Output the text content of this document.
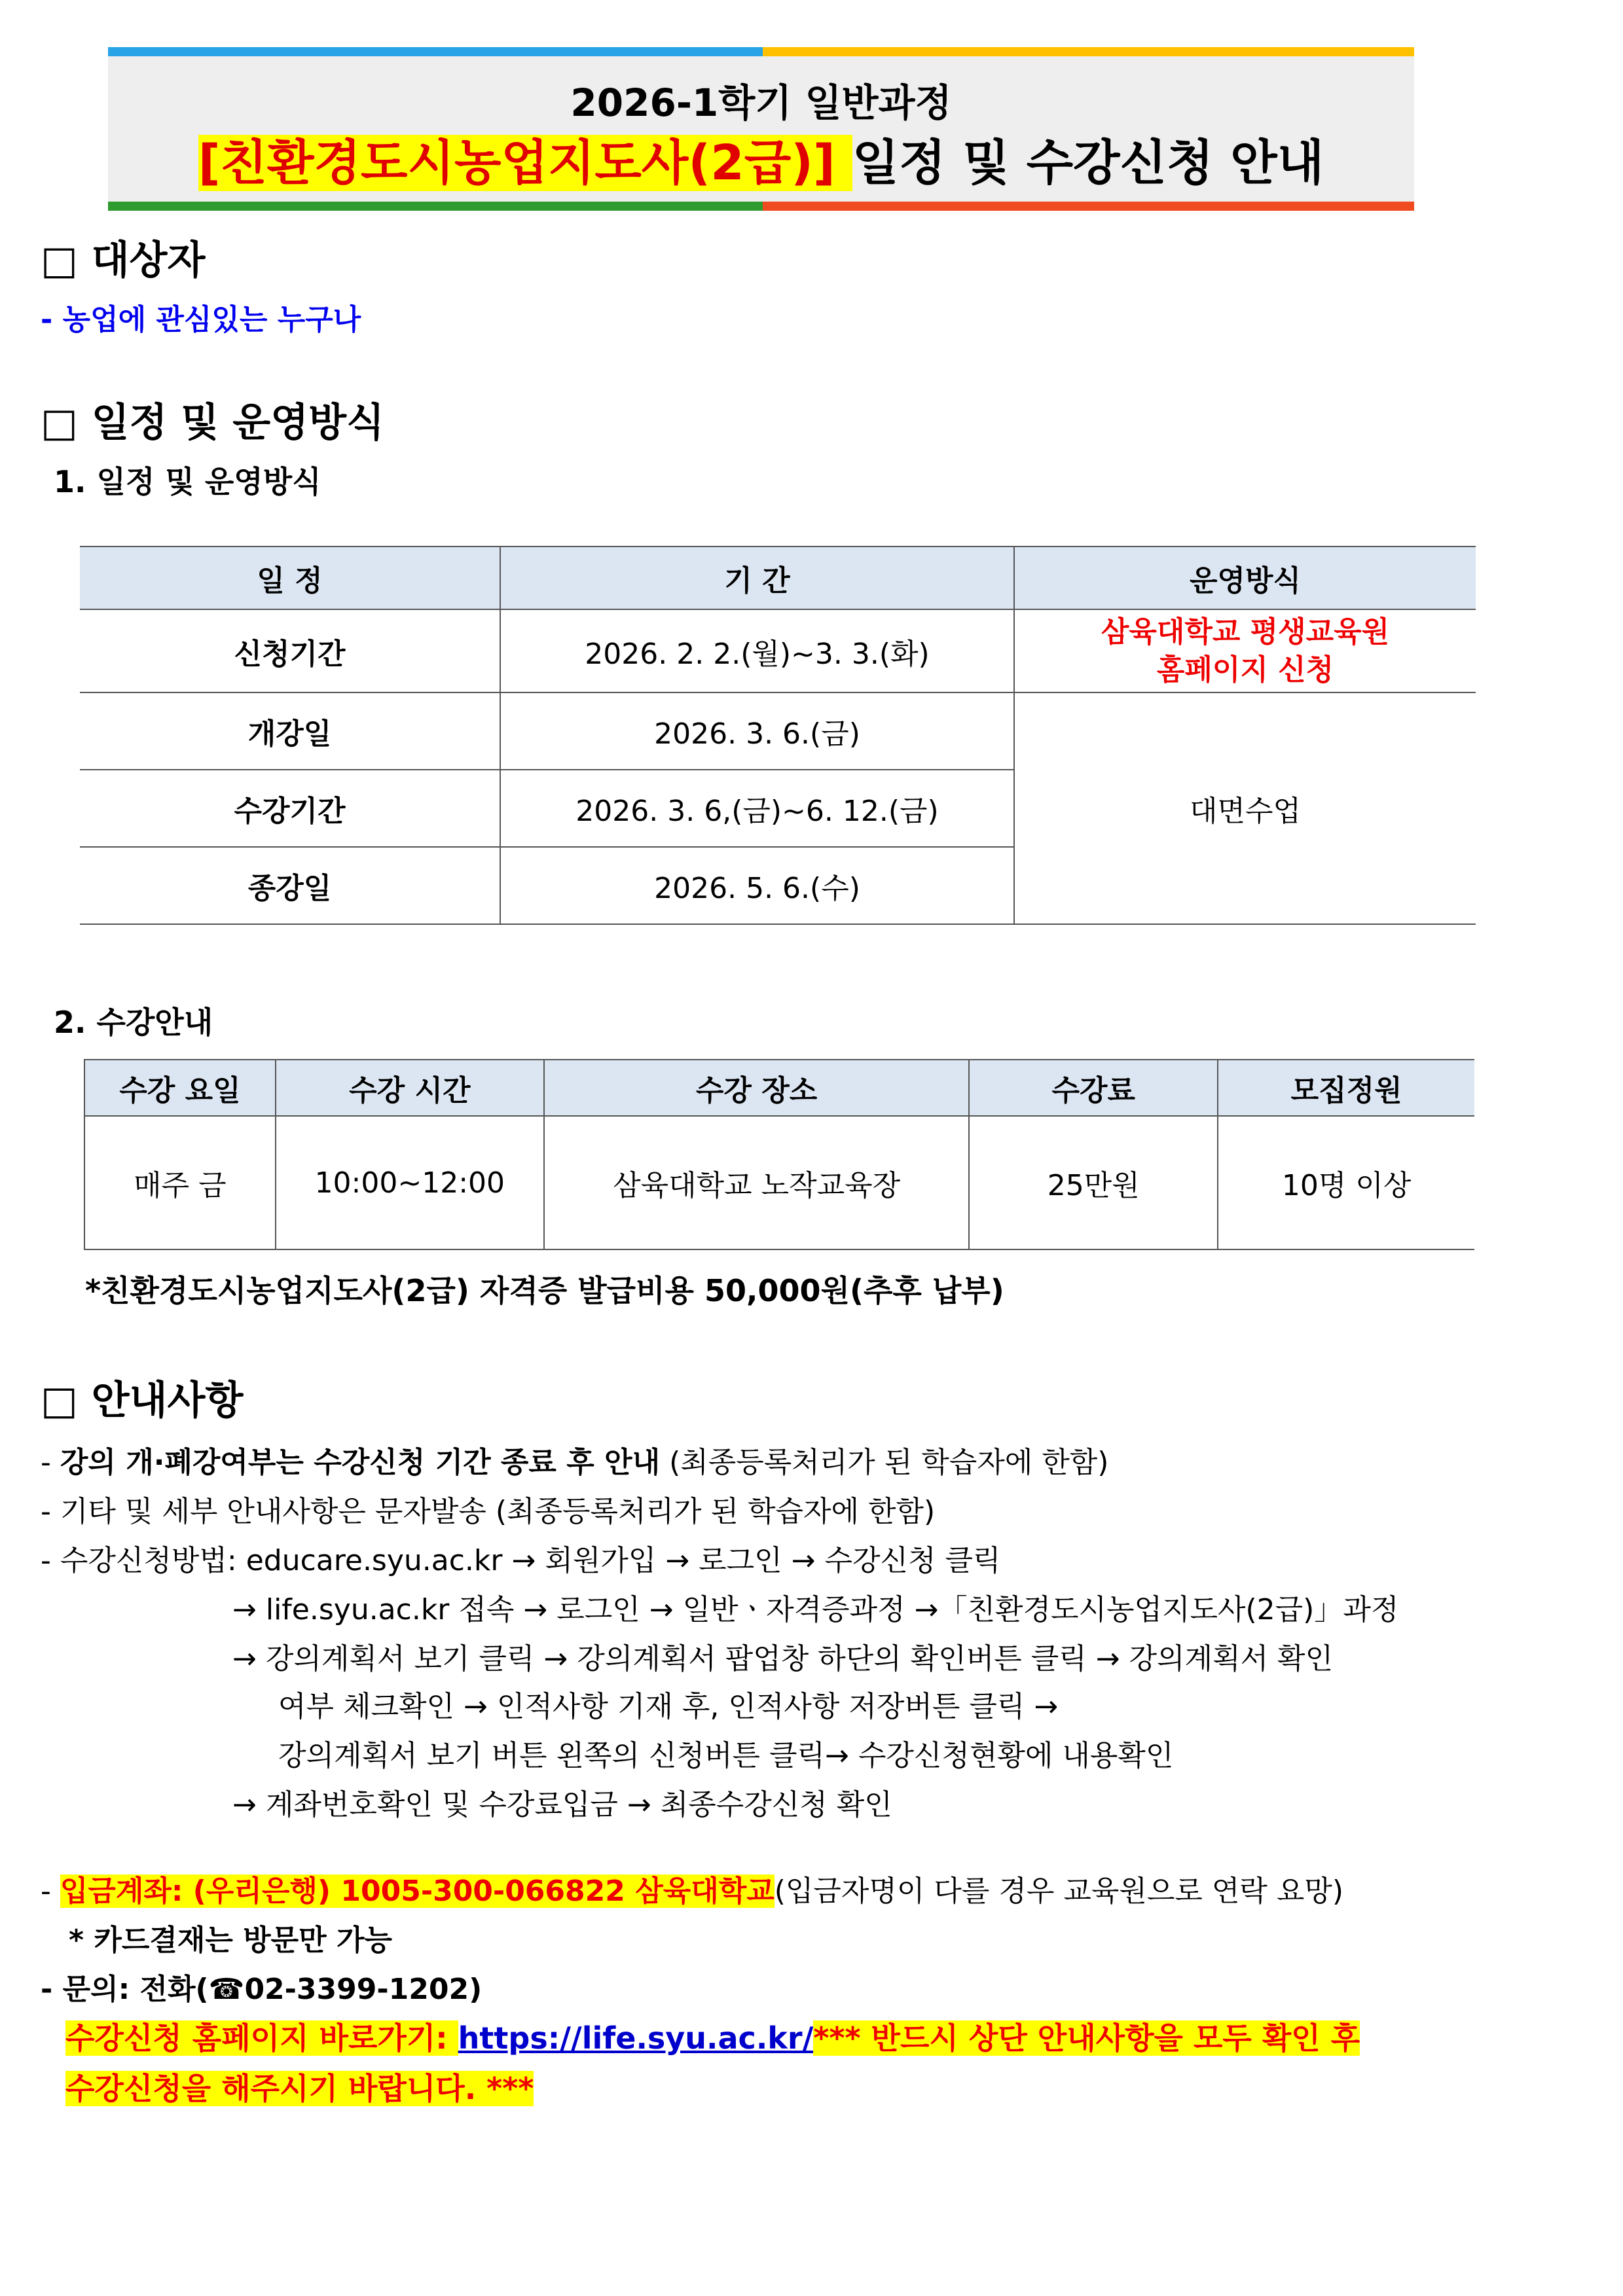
2026-1학기 일반과정
[친환경도시농업지도사(2급)] 일정 및 수강신청 안내
□ 대상자
- 농업에 관심있는 누구나
□ 일정 및 운영방식
1. 일정 및 운영방식
일 정	기 간	운영방식
신청기간	2026. 2. 2.(월)~3. 3.(화)	삼육대학교 평생교육원
홈페이지 신청

개강일	2026. 3. 6.(금)	대면수업
수강기간	2026. 3. 6,(금)~6. 12.(금)	
종강일	2026. 5. 6.(수)	
2. 수강안내
수강 요일	수강 시간	수강 장소	수강료	모집정원
매주 금	10:00~12:00	삼육대학교 노작교육장	25만원	10명 이상
*친환경도시농업지도사(2급) 자격증 발급비용 50,000원(추후 납부)
□ 안내사항
- 강의 개·폐강여부는 수강신청 기간 종료 후 안내 (최종등록처리가 된 학습자에 한함)
- 기타 및 세부 안내사항은 문자발송 (최종등록처리가 된 학습자에 한함)
- 수강신청방법: educare.syu.ac.kr → 회원가입 → 로그인 → 수강신청 클릭
→ life.syu.ac.kr 접속 → 로그인 → 일반ㆍ자격증과정 →「친환경도시농업지도사(2급)」과정
→ 강의계획서 보기 클릭 → 강의계획서 팝업창 하단의 확인버튼 클릭 → 강의계획서 확인
여부 체크확인 → 인적사항 기재 후, 인적사항 저장버튼 클릭 →
강의계획서 보기 버튼 왼쪽의 신청버튼 클릭→ 수강신청현황에 내용확인
→ 계좌번호확인 및 수강료입금 → 최종수강신청 확인
- 입금계좌: (우리은행) 1005-300-066822 삼육대학교(입금자명이 다를 경우 교육원으로 연락 요망)
* 카드결재는 방문만 가능
- 문의: 전화(☎02-3399-1202)
수강신청 홈페이지 바로가기: https://life.syu.ac.kr/*** 반드시 상단 안내사항을 모두 확인 후
수강신청을 해주시기 바랍니다. ***
